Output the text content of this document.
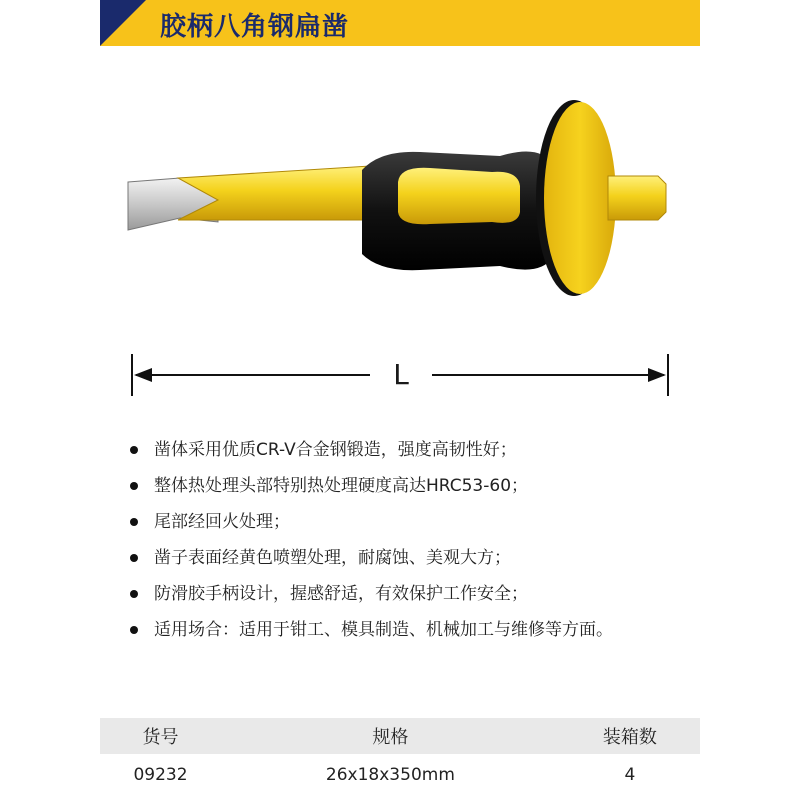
胶柄八角钢扁凿
L
凿体采用优质CR-V合金钢锻造，强度高韧性好；
整体热处理头部特别热处理硬度高达HRC53-60；
尾部经回火处理；
凿子表面经黄色喷塑处理，耐腐蚀、美观大方；
防滑胶手柄设计，握感舒适，有效保护工作安全；
适用场合：适用于钳工、模具制造、机械加工与维修等方面。
货号	规格	装箱数
09232	26x18x350mm	4
